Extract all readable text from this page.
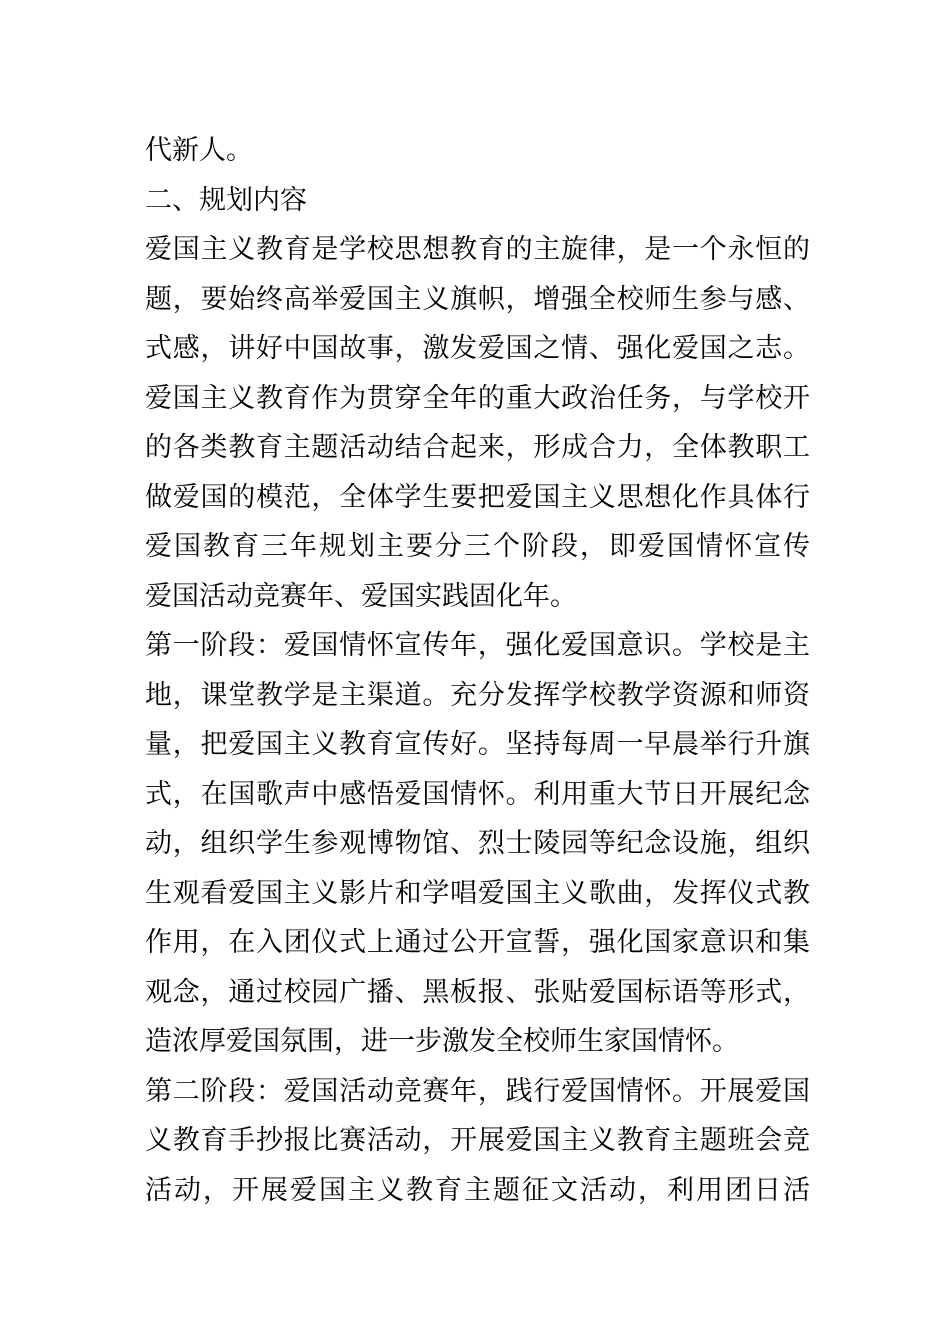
代新人。
二、规划内容
爱国主义教育是学校思想教育的主旋律，是一个永恒的
题，要始终高举爱国主义旗帜，增强全校师生参与感、
式感，讲好中国故事，激发爱国之情、强化爱国之志。
爱国主义教育作为贯穿全年的重大政治任务，与学校开
的各类教育主题活动结合起来，形成合力，全体教职工
做爱国的模范，全体学生要把爱国主义思想化作具体行
爱国教育三年规划主要分三个阶段，即爱国情怀宣传
爱国活动竞赛年、爱国实践固化年。
第一阶段：爱国情怀宣传年，强化爱国意识。学校是主
地，课堂教学是主渠道。充分发挥学校教学资源和师资
量，把爱国主义教育宣传好。坚持每周一早晨举行升旗
式，在国歌声中感悟爱国情怀。利用重大节日开展纪念
动，组织学生参观博物馆、烈士陵园等纪念设施，组织
生观看爱国主义影片和学唱爱国主义歌曲，发挥仪式教
作用，在入团仪式上通过公开宣誓，强化国家意识和集
观念，通过校园广播、黑板报、张贴爱国标语等形式，
造浓厚爱国氛围，进一步激发全校师生家国情怀。
第二阶段：爱国活动竞赛年，践行爱国情怀。开展爱国
义教育手抄报比赛活动，开展爱国主义教育主题班会竞
活动，开展爱国主义教育主题征文活动，利用团日活
